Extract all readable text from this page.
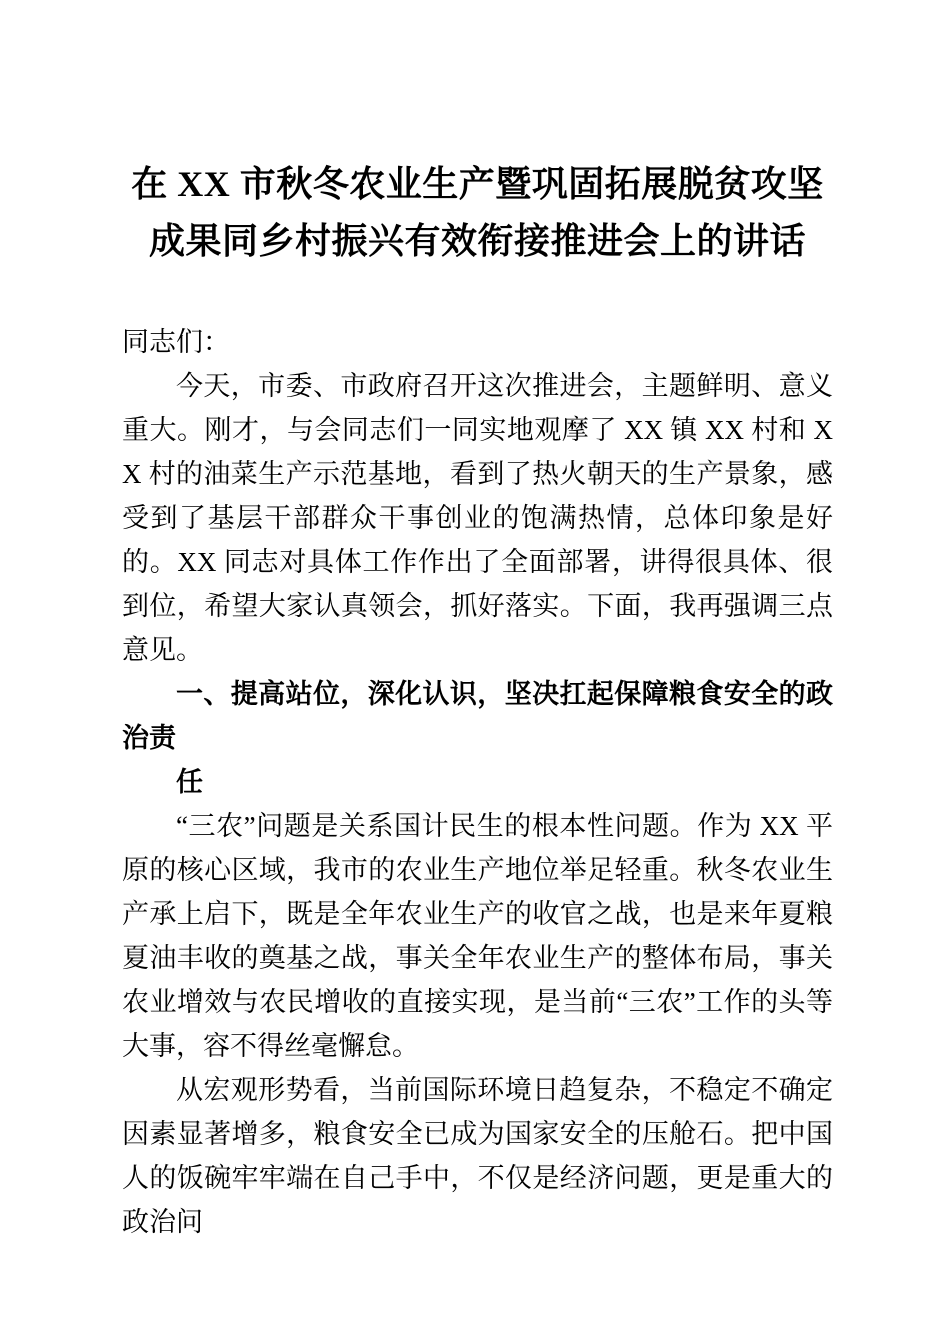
在 XX 市秋冬农业生产暨巩固拓展脱贫攻坚成果同乡村振兴有效衔接推进会上的讲话

同志们：

今天，市委、市政府召开这次推进会，主题鲜明、意义重大。刚才，与会同志们一同实地观摩了 XX 镇 XX 村和 XX 村的油菜生产示范基地，看到了热火朝天的生产景象，感受到了基层干部群众干事创业的饱满热情，总体印象是好的。XX 同志对具体工作作出了全面部署，讲得很具体、很到位，希望大家认真领会，抓好落实。下面，我再强调三点意见。

一、提高站位，深化认识，坚决扛起保障粮食安全的政治责

任

“三农”问题是关系国计民生的根本性问题。作为 XX 平原的核心区域，我市的农业生产地位举足轻重。秋冬农业生产承上启下，既是全年农业生产的收官之战，也是来年夏粮夏油丰收的奠基之战，事关全年农业生产的整体布局，事关农业增效与农民增收的直接实现，是当前“三农”工作的头等大事，容不得丝毫懈怠。

从宏观形势看，当前国际环境日趋复杂，不稳定不确定因素显著增多，粮食安全已成为国家安全的压舱石。把中国人的饭碗牢牢端在自己手中，不仅是经济问题，更是重大的政治问
